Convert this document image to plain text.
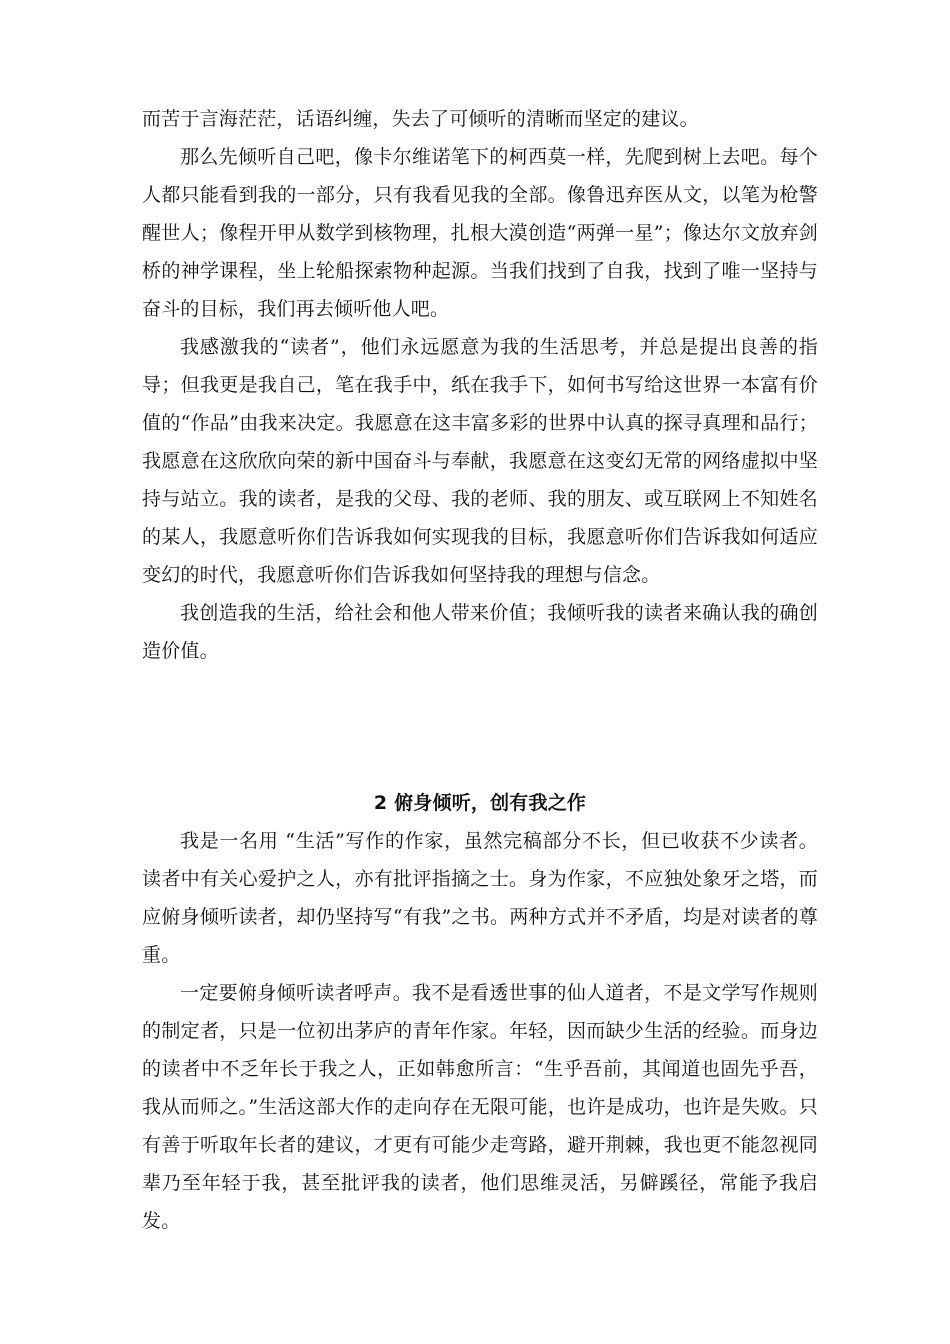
而苦于言海茫茫，话语纠缠，失去了可倾听的清晰而坚定的建议。

那么先倾听自己吧，像卡尔维诺笔下的柯西莫一样，先爬到树上去吧。每个人都只能看到我的一部分，只有我看见我的全部。像鲁迅弃医从文，以笔为枪警醒世人；像程开甲从数学到核物理，扎根大漠创造“两弹一星”；像达尔文放弃剑桥的神学课程，坐上轮船探索物种起源。当我们找到了自我，找到了唯一坚持与奋斗的目标，我们再去倾听他人吧。

我感激我的“读者”，他们永远愿意为我的生活思考，并总是提出良善的指导；但我更是我自己，笔在我手中，纸在我手下，如何书写给这世界一本富有价值的“作品”由我来决定。我愿意在这丰富多彩的世界中认真的探寻真理和品行；我愿意在这欣欣向荣的新中国奋斗与奉献，我愿意在这变幻无常的网络虚拟中坚持与站立。我的读者，是我的父母、我的老师、我的朋友、或互联网上不知姓名的某人，我愿意听你们告诉我如何实现我的目标，我愿意听你们告诉我如何适应变幻的时代，我愿意听你们告诉我如何坚持我的理想与信念。

我创造我的生活，给社会和他人带来价值；我倾听我的读者来确认我的确创造价值。

2 俯身倾听，创有我之作

我是一名用 “生活”写作的作家，虽然完稿部分不长，但已收获不少读者。读者中有关心爱护之人，亦有批评指摘之士。身为作家，不应独处象牙之塔，而应俯身倾听读者，却仍坚持写“有我”之书。两种方式并不矛盾，均是对读者的尊重。

一定要俯身倾听读者呼声。我不是看透世事的仙人道者，不是文学写作规则的制定者，只是一位初出茅庐的青年作家。年轻，因而缺少生活的经验。而身边的读者中不乏年长于我之人，正如韩愈所言：“生乎吾前，其闻道也固先乎吾，我从而师之。”生活这部大作的走向存在无限可能，也许是成功，也许是失败。只有善于听取年长者的建议，才更有可能少走弯路，避开荆棘，我也更不能忽视同辈乃至年轻于我，甚至批评我的读者，他们思维灵活，另僻蹊径，常能予我启发。
